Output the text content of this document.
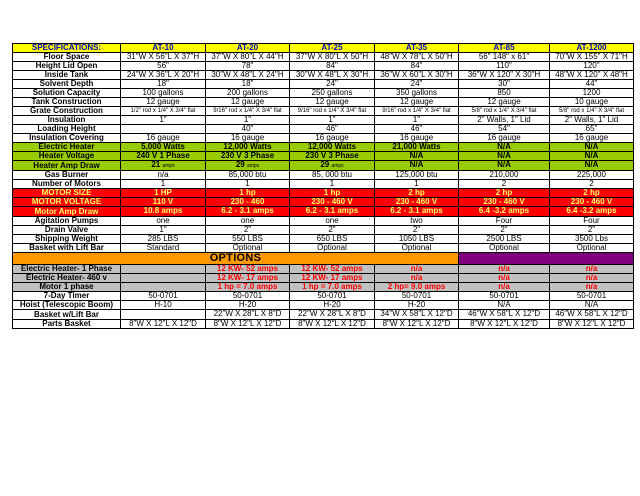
SPECIFICATIONS:	AT-10	AT-20	AT-25	AT-35	AT-85	AT-1200
Floor Space	31"W X 56"L X 37"H	37"W X 80"L X 44"H	37"W X 80"L X 50"H	48"W X 78"L X 50"H	56" 148" x 61"	70"W X 155" X 71"H
Height Lid Open	56"	78"	84"	84"	110"	120"
Inside Tank	24"W X 36"L X 20"H	30"W X 48"L X 24"H	30"W X 48"L X 30"H	36"W X 60"L X 30"H	36"W X 120" X 30"H	48"W X 120" X 48"H
Solvent Depth	18"	18"	24"	24"	30"	44"
Solution Capacity	100 gallons	200 gallons	250 gallons	350 gallons	850	1200
Tank Construction	12 gauge	12 gauge	12 gauge	12 gauge	12 gauge	10 gauge
Grate Construction	1/2" rod x 1/4" X 3/4" flat	9/16" rod x 1/4" X 3/4" flat	9/16" rod x 1/4" X 3/4" flat	9/16" rod x 1/4" X 3/4" flat	5/8" rod x 1/4" X 3/4" flat	5/8" rod x 1/4" X 3/4" flat
Insulation	1"	1"	1"	1"	2" Walls, 1" Lid	2" Walls, 1" Lid
Loading Height		40"	46"	46"	54"	65"
Insulation Covering	16 gauge	16 gauge	16 gauge	16 gauge	16 gauge	16 gauge
Electric Heater	5,000 Watts	12,000 Watts	12,000 Watts	21,000 Watts	N/A	N/A
Heater Voltage	240 V 1 Phase	230 V 3 Phase	230 V 3 Phase	N/A	N/A	N/A
Heater Amp Draw	21 amps	29 amps	29 amps	N/A	N/A	N/A
Gas Burner	n/a	85,000 btu	85, 000 btu	125,000 btu	210,000	225,000
Number of Motors	1	1	1	1	2	2
MOTOR SIZE	1 HP	1 hp	1 hp	2 hp	2 hp	2 hp
MOTOR VOLTAGE	110 V	230 - 460	230 - 460 V	230 - 460 V	230 - 460 V	230 - 460 V
Motor Amp Draw	10.8 amps	6.2 - 3.1 amps	6.2 - 3.1 amps	6.2 - 3.1 amps	6.4 -3.2 amps	6.4 -3.2 amps
Agitation Pumps	one	one	one	two	Four	Four
Drain Valve	1"	2"	2"	2"	2"	2"
Shipping Weight	285 LBS	550 LBS	650 LBS	1050 LBS	2500 LBS	3500 Lbs
Basket with Lift Bar	Standard	Optional	Optional	Optional	Optional	Optional
OPTIONS						
Electric Heater- 1 Phase		12 KW- 52 amps	12 KW- 52 amps	n/a	n/a	n/a
Electric Heater- 460 v		12 KW- 17 amps	12 KW- 17 amps	n/a	n/a	n/a
Motor 1 phase		1 hp = 7.0 amps	1 hp = 7.0 amps	2 hp= 9.0 amps	n/a	n/a
7-Day Timer	50-0701	50-0701	50-0701	50-0701	50-0701	50-0701
Hoist (Telescopic Boom)	H-10	H-20	H-20	H-20	N/A	N/A
Basket w/Lift Bar		22"W X 28"L X 8"D	22"W X 28"L X 8"D	34"W X 58"L X 12"D	46"W X 58"L X 12"D	46"W X 58"L X 12"D
Parts Basket	8"W X 12"L X 12"D	8"W X 12"L X 12"D	8"W X 12"L X 12"D	8"W X 12"L X 12"D	8"W X 12"L X 12"D	8"W X 12"L X 12"D
